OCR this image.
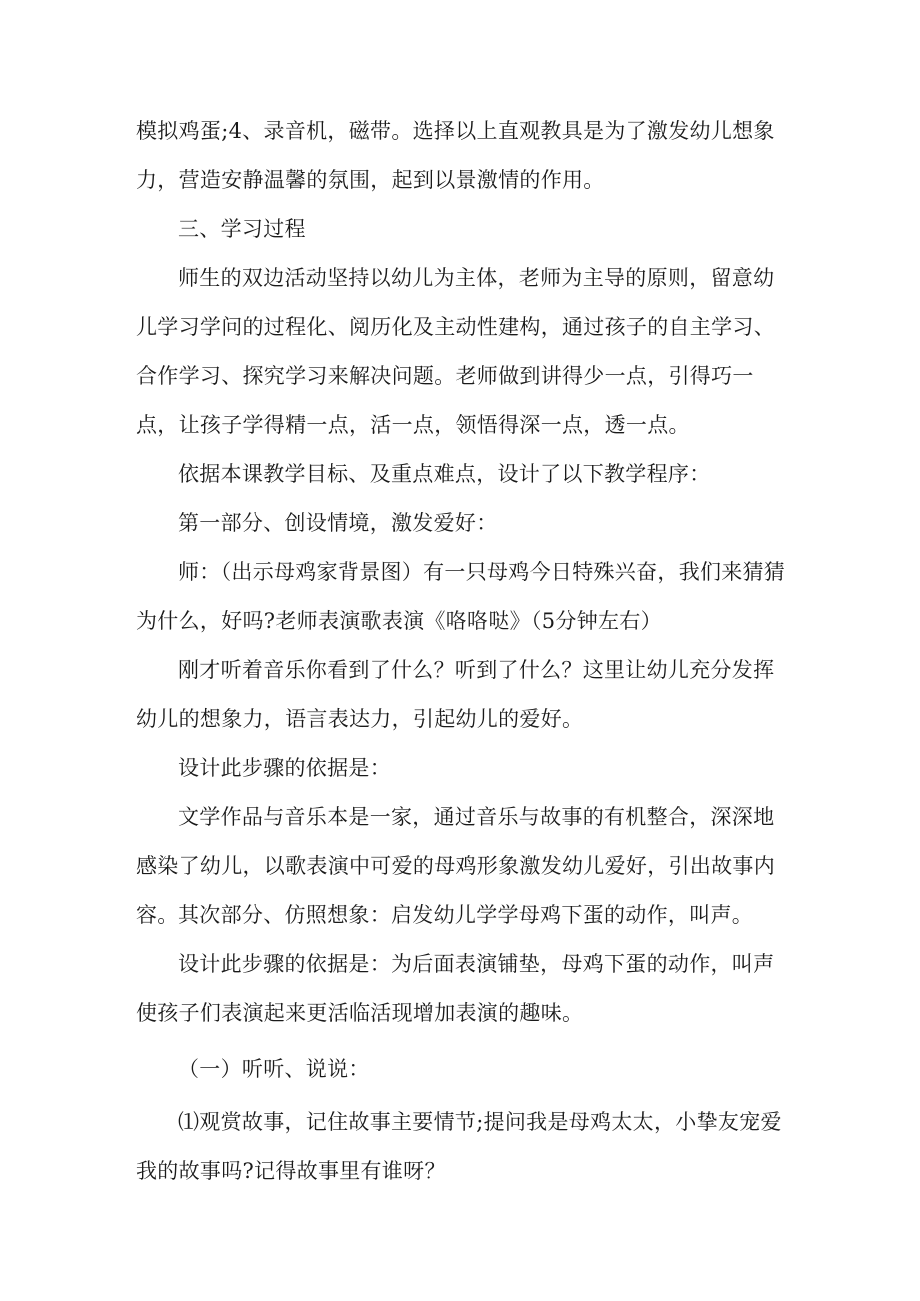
模拟鸡蛋;4、录音机，磁带。选择以上直观教具是为了激发幼儿想象力，营造安静温馨的氛围，起到以景激情的作用。

三、学习过程

师生的双边活动坚持以幼儿为主体，老师为主导的原则，留意幼儿学习学问的过程化、阅历化及主动性建构，通过孩子的自主学习、合作学习、探究学习来解决问题。老师做到讲得少一点，引得巧一点，让孩子学得精一点，活一点，领悟得深一点，透一点。

依据本课教学目标、及重点难点，设计了以下教学程序：

第一部分、创设情境，激发爱好：

师：（出示母鸡家背景图）有一只母鸡今日特殊兴奋，我们来猜猜为什么，好吗?老师表演歌表演《咯咯哒》（5分钟左右）

刚才听着音乐你看到了什么？听到了什么？这里让幼儿充分发挥幼儿的想象力，语言表达力，引起幼儿的爱好。

设计此步骤的依据是：

文学作品与音乐本是一家，通过音乐与故事的有机整合，深深地感染了幼儿，以歌表演中可爱的母鸡形象激发幼儿爱好，引出故事内容。 其次部分、仿照想象：启发幼儿学学母鸡下蛋的动作，叫声。

设计此步骤的依据是：为后面表演铺垫，母鸡下蛋的动作，叫声使孩子们表演起来更活临活现增加表演的趣味。

（一）听听、说说：

⑴观赏故事，记住故事主要情节;提问我是母鸡太太，小挚友宠爱我的故事吗?记得故事里有谁呀？
